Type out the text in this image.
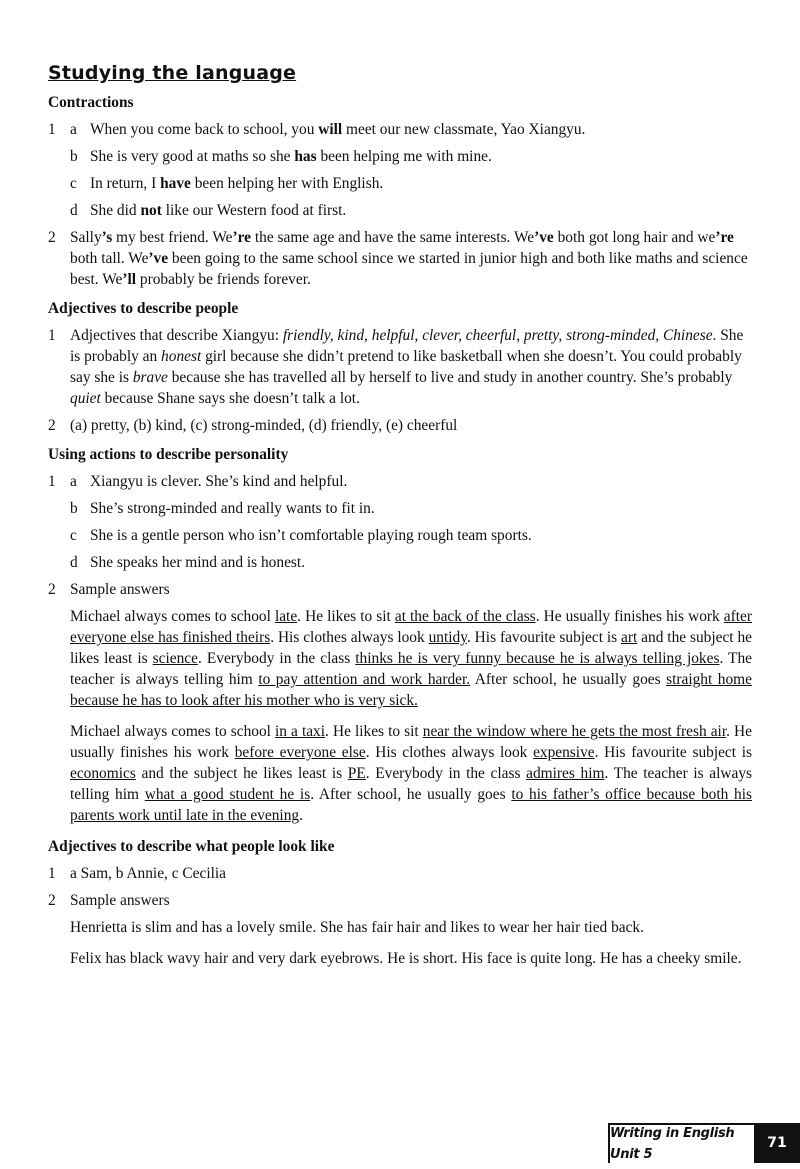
Studying the language
Contractions
1 a When you come back to school, you will meet our new classmate, Yao Xiangyu.
b She is very good at maths so she has been helping me with mine.
c In return, I have been helping her with English.
d She did not like our Western food at first.
2 Sally’s my best friend. We’re the same age and have the same interests. We’ve both got long hair and we’re both tall. We’ve been going to the same school since we started in junior high and both like maths and science best. We’ll probably be friends forever.
Adjectives to describe people
1 Adjectives that describe Xiangyu: friendly, kind, helpful, clever, cheerful, pretty, strong-minded, Chinese. She is probably an honest girl because she didn’t pretend to like basketball when she doesn’t. You could probably say she is brave because she has travelled all by herself to live and study in another country. She’s probably quiet because Shane says she doesn’t talk a lot.
2 (a) pretty, (b) kind, (c) strong-minded, (d) friendly, (e) cheerful
Using actions to describe personality
1 a Xiangyu is clever. She’s kind and helpful.
b She’s strong-minded and really wants to fit in.
c She is a gentle person who isn’t comfortable playing rough team sports.
d She speaks her mind and is honest.
2 Sample answers
Michael always comes to school late. He likes to sit at the back of the class. He usually finishes his work after everyone else has finished theirs. His clothes always look untidy. His favourite subject is art and the subject he likes least is science. Everybody in the class thinks he is very funny because he is always telling jokes. The teacher is always telling him to pay attention and work harder. After school, he usually goes straight home because he has to look after his mother who is very sick.
Michael always comes to school in a taxi. He likes to sit near the window where he gets the most fresh air. He usually finishes his work before everyone else. His clothes always look expensive. His favourite subject is economics and the subject he likes least is PE. Everybody in the class admires him. The teacher is always telling him what a good student he is. After school, he usually goes to his father’s office because both his parents work until late in the evening.
Adjectives to describe what people look like
1 a Sam, b Annie, c Cecilia
2 Sample answers
Henrietta is slim and has a lovely smile. She has fair hair and likes to wear her hair tied back.
Felix has black wavy hair and very dark eyebrows. He is short. His face is quite long. He has a cheeky smile.
Writing in English Unit 5
71
